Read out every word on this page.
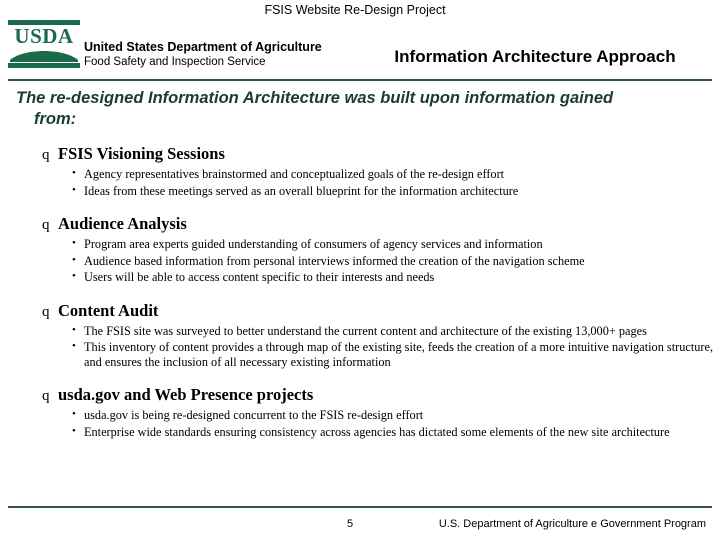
FSIS Website Re-Design Project
USDA United States Department of Agriculture
Food Safety and Inspection Service	Information Architecture Approach
The re-designed Information Architecture was built upon information gained
from:
q FSIS Visioning Sessions
• Agency representatives brainstormed and conceptualized goals of the re-design effort
• Ideas from these meetings served as an overall blueprint for the information architecture
q Audience Analysis
• Program area experts guided understanding of consumers of agency services and information
• Audience based information from personal interviews informed the creation of the navigation scheme
• Users will be able to access content specific to their interests and needs
q Content Audit
• The FSIS site was surveyed to better understand the current content and architecture of the existing 13,000+ pages
• This inventory of content provides a through map of the existing site, feeds the creation of a more intuitive navigation structure, and ensures the inclusion of all necessary existing information
q usda.gov and Web Presence projects
• usda.gov is being re-designed concurrent to the FSIS re-design effort
• Enterprise wide standards ensuring consistency across agencies has dictated some elements of the new site architecture
5	U.S. Department of Agriculture e Government Program
